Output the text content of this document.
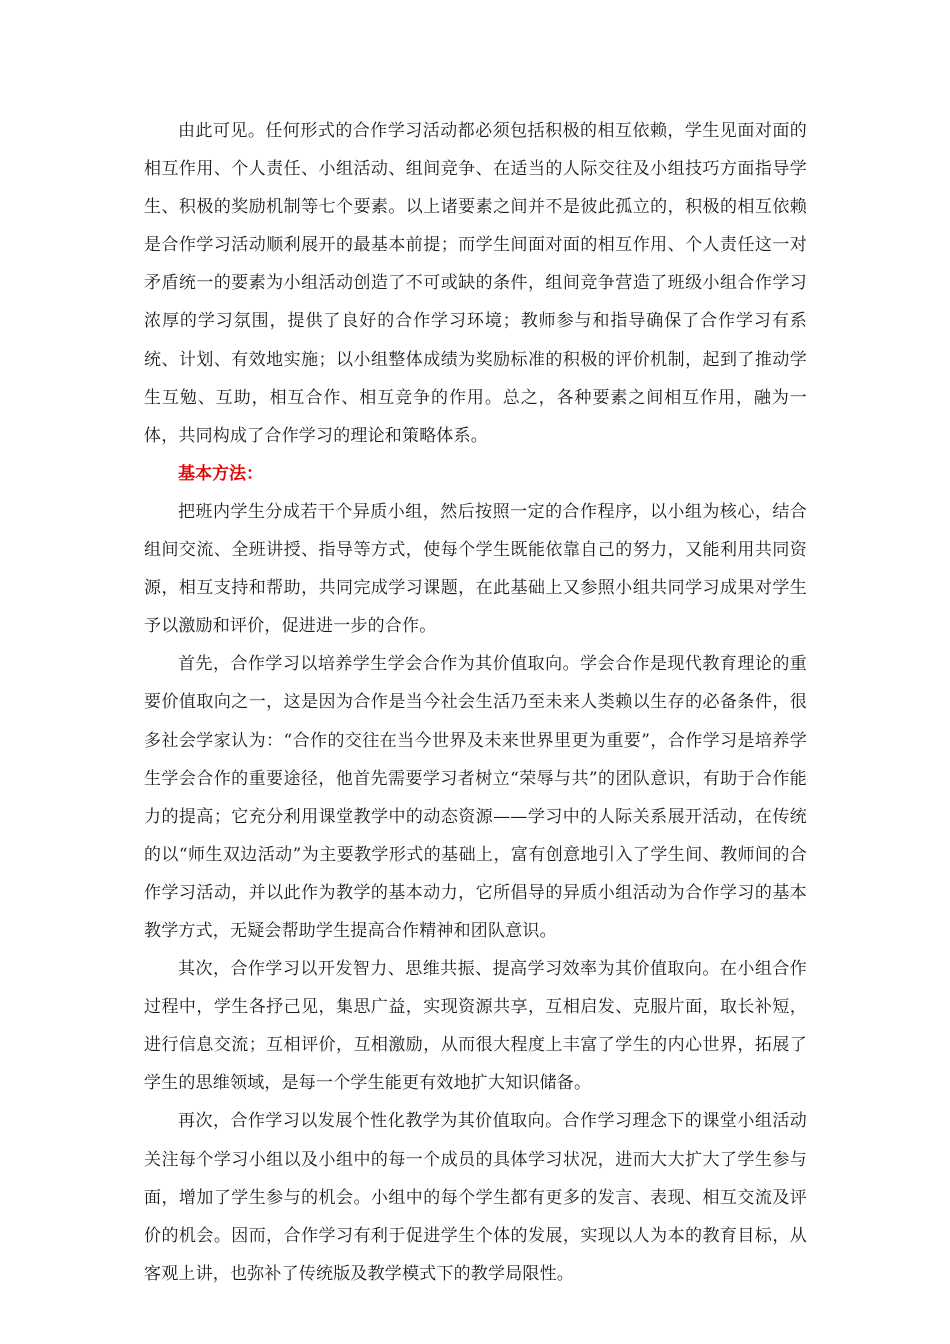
由此可见。任何形式的合作学习活动都必须包括积极的相互依赖，学生见面对面的相互作用、个人责任、小组活动、组间竞争、在适当的人际交往及小组技巧方面指导学生、积极的奖励机制等七个要素。以上诸要素之间并不是彼此孤立的，积极的相互依赖是合作学习活动顺利展开的最基本前提；而学生间面对面的相互作用、个人责任这一对矛盾统一的要素为小组活动创造了不可或缺的条件，组间竞争营造了班级小组合作学习浓厚的学习氛围，提供了良好的合作学习环境；教师参与和指导确保了合作学习有系统、计划、有效地实施；以小组整体成绩为奖励标准的积极的评价机制，起到了推动学生互勉、互助，相互合作、相互竞争的作用。总之，各种要素之间相互作用，融为一体，共同构成了合作学习的理论和策略体系。

基本方法：

把班内学生分成若干个异质小组，然后按照一定的合作程序，以小组为核心，结合组间交流、全班讲授、指导等方式，使每个学生既能依靠自己的努力，又能利用共同资源，相互支持和帮助，共同完成学习课题，在此基础上又参照小组共同学习成果对学生予以激励和评价，促进进一步的合作。

首先，合作学习以培养学生学会合作为其价值取向。学会合作是现代教育理论的重要价值取向之一，这是因为合作是当今社会生活乃至未来人类赖以生存的必备条件，很多社会学家认为：“合作的交往在当今世界及未来世界里更为重要”，合作学习是培养学生学会合作的重要途径，他首先需要学习者树立“荣辱与共”的团队意识，有助于合作能力的提高；它充分利用课堂教学中的动态资源——学习中的人际关系展开活动，在传统的以“师生双边活动”为主要教学形式的基础上，富有创意地引入了学生间、教师间的合作学习活动，并以此作为教学的基本动力，它所倡导的异质小组活动为合作学习的基本教学方式，无疑会帮助学生提高合作精神和团队意识。

其次，合作学习以开发智力、思维共振、提高学习效率为其价值取向。在小组合作过程中，学生各抒己见，集思广益，实现资源共享，互相启发、克服片面，取长补短，进行信息交流；互相评价，互相激励，从而很大程度上丰富了学生的内心世界，拓展了学生的思维领域，是每一个学生能更有效地扩大知识储备。

再次，合作学习以发展个性化教学为其价值取向。合作学习理念下的课堂小组活动关注每个学习小组以及小组中的每一个成员的具体学习状况，进而大大扩大了学生参与面，增加了学生参与的机会。小组中的每个学生都有更多的发言、表现、相互交流及评价的机会。因而，合作学习有利于促进学生个体的发展，实现以人为本的教育目标，从客观上讲，也弥补了传统版及教学模式下的教学局限性。
